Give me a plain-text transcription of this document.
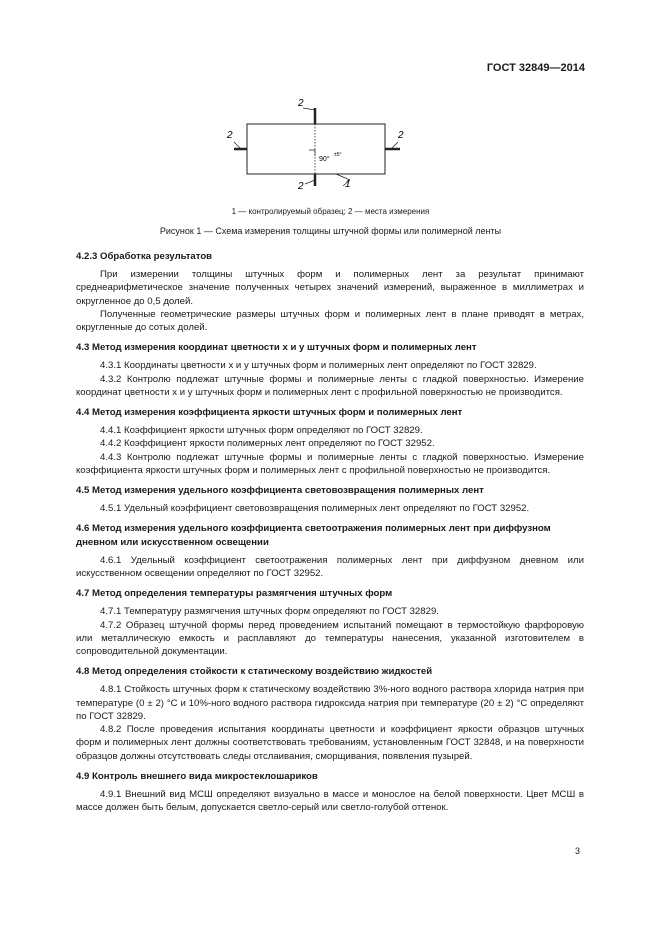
ГОСТ 32849—2014
2
2	2
2	1
90°
±5°
1 — контролируемый образец; 2 — места измерения
Рисунок 1 — Схема измерения толщины штучной формы или полимерной ленты
4.2.3 Обработка результатов
При измерении толщины штучных форм и полимерных лент за результат принимают среднеарифметическое значение полученных четырех значений измерений, выраженное в миллиметрах и округленное до 0,5 долей.
Полученные геометрические размеры штучных форм и полимерных лент в плане приводят в метрах, округленные до сотых долей.
4.3 Метод измерения координат цветности x и y штучных форм и полимерных лент
4.3.1 Координаты цветности x и y штучных форм и полимерных лент определяют по ГОСТ 32829.
4.3.2 Контролю подлежат штучные формы и полимерные ленты с гладкой поверхностью. Измерение координат цветности x и y штучных форм и полимерных лент с профильной поверхностью не производится.
4.4 Метод измерения коэффициента яркости штучных форм и полимерных лент
4.4.1 Коэффициент яркости штучных форм определяют по ГОСТ 32829.
4.4.2 Коэффициент яркости полимерных лент определяют по ГОСТ 32952.
4.4.3 Контролю подлежат штучные формы и полимерные ленты с гладкой поверхностью. Измерение коэффициента яркости штучных форм и полимерных лент с профильной поверхностью не производится.
4.5 Метод измерения удельного коэффициента световозвращения полимерных лент
4.5.1 Удельный коэффициент световозвращения полимерных лент определяют по ГОСТ 32952.
4.6 Метод измерения удельного коэффициента светоотражения полимерных лент при диффузном дневном или искусственном освещении
4.6.1 Удельный коэффициент светоотражения полимерных лент при диффузном дневном или искусственном освещении определяют по ГОСТ 32952.
4.7 Метод определения температуры размягчения штучных форм
4.7.1 Температуру размягчения штучных форм определяют по ГОСТ 32829.
4.7.2 Образец штучной формы перед проведением испытаний помещают в термостойкую фарфоровую или металлическую емкость и расплавляют до температуры нанесения, указанной изготовителем в сопроводительной документации.
4.8 Метод определения стойкости к статическому воздействию жидкостей
4.8.1 Стойкость штучных форм к статическому воздействию 3%-ного водного раствора хлорида натрия при температуре (0 ± 2) °С и 10%-ного водного раствора гидроксида натрия при температуре (20 ± 2) °С определяют по ГОСТ 32829.
4.8.2 После проведения испытания координаты цветности и коэффициент яркости образцов штучных форм и полимерных лент должны соответствовать требованиям, установленным ГОСТ 32848, и на поверхности образцов должны отсутствовать следы отслаивания, сморщивания, появления пузырей.
4.9 Контроль внешнего вида микростеклошариков
4.9.1 Внешний вид МСШ определяют визуально в массе и монослое на белой поверхности. Цвет МСШ в массе должен быть белым, допускается светло-серый или светло-голубой оттенок.
3
